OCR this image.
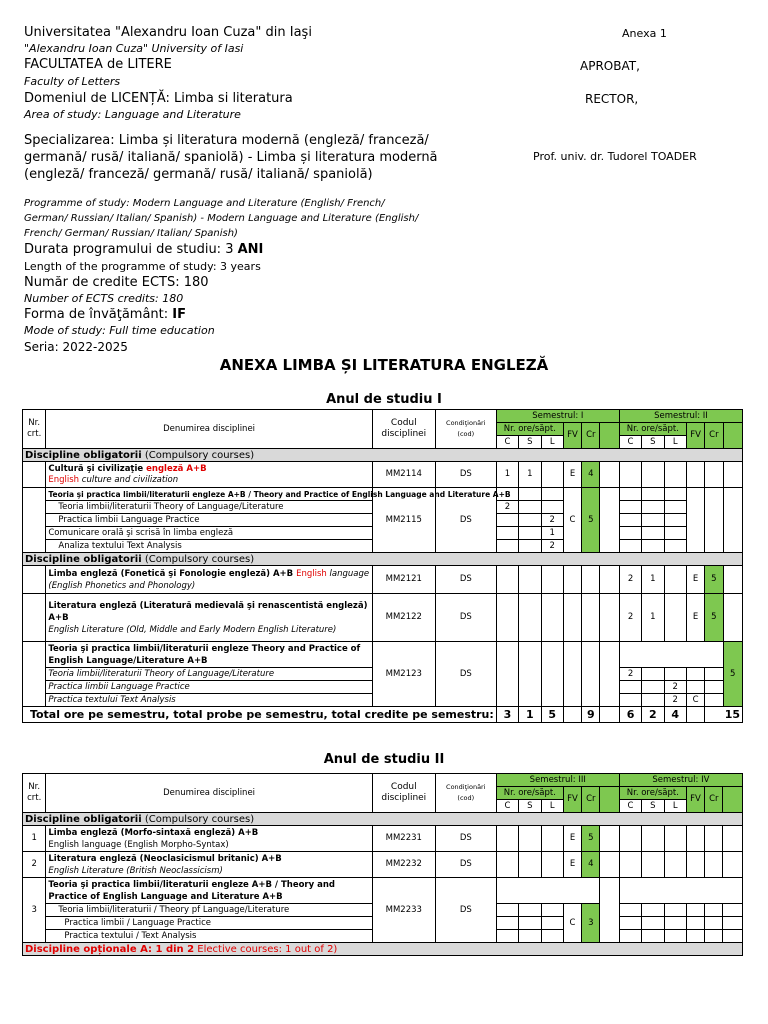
Universitatea "Alexandru Ioan Cuza" din Iaşi
"Alexandru Ioan Cuza" University of Iasi
FACULTATEA de LITERE
Faculty of Letters
Domeniul de LICENȚĂ: Limba si literatura
Area of study: Language and Literature
Specializarea: Limba și literatura modernă (engleză/ franceză/
germană/ rusă/ italiană/ spaniolă) - Limba și literatura modernă
(engleză/ franceză/ germană/ rusă/ italiană/ spaniolă)
Programme of study: Modern Language and Literature (English/ French/
German/ Russian/ Italian/ Spanish) - Modern Language and Literature (English/
French/ German/ Russian/ Italian/ Spanish)
Durata programului de studiu: 3 ANI
Length of the programme of study: 3 years
Număr de credite ECTS: 180
Number of ECTS credits: 180
Forma de învăţământ: IF
Mode of study: Full time education
Seria: 2022-2025
Anexa 1
APROBAT,
RECTOR,
Prof. univ. dr. Tudorel TOADER
ANEXA LIMBA ȘI LITERATURA ENGLEZĂ
Anul de studiu I
Nr.
crt.	Denumirea disciplinei	Codul
disciplinei	Condiţionări
(cod)	Semestrul: I						Semestrul: II					
				Nr. ore/săpt.			FV	Cr		Nr. ore/săpt.			FV	Cr	
				C	S	L				C	S	L			
Discipline obligatorii (Compulsory courses)															
	Cultură şi civilizaţie engleză A+B
English culture and civilization	MM2114	DS	1	1		E	4							
	Teoria şi practica limbii/literaturii engleze A+B / Theory and Practice of English Language and Literature A+B	MM2115	DS				C	5							
	Teoria limbii/literaturii Theory of Language/Literature			2											
	Practica limbii Language Practice					2									
	Comunicare orală şi scrisă în limba engleză					1									
	Analiza textului Text Analysis					2									
Discipline obligatorii (Compulsory courses)															
	Limba engleză (Fonetică şi Fonologie engleză) A+B English language
(English Phonetics and Phonology)	MM2121	DS							2	1		E	5	
	Literatura engleză (Literatură medievală şi renascentistă engleză) A+B
English Literature (Old, Middle and Early Modern English Literature)	MM2122	DS							2	1		E	5	
	Teoria şi practica limbii/literaturii engleze Theory and Practice of English Language/Literature A+B	MM2123	DS												5
	Teoria limbii/literaturii Theory of Language/Literature									2					
	Practica limbii Language Practice											2			
	Practica textului Text Analysis											2	C		
Total ore pe semestru, total probe pe semestru, total credite pe semestru:				3	1	5		9		6	2	4		15	
Anul de studiu II
Nr.
crt.	Denumirea disciplinei	Codul
disciplinei	Condiţionări
(cod)	Semestrul: III						Semestrul: IV					
				Nr. ore/săpt.			FV	Cr		Nr. ore/săpt.			FV	Cr	
				C	S	L				C	S	L			
Discipline obligatorii (Compulsory courses)															
1	Limba engleză (Morfo-sintaxă engleză) A+B
English language (English Morpho-Syntax)	MM2231	DS				E	5							
2	Literatura engleză (Neoclasicismul britanic) A+B
English Literature (British Neoclassicism)	MM2232	DS				E	4							
3	Teoria şi practica limbii/literaturii engleze A+B / Theory and Practice of English Language and Literature A+B	MM2233	DS												
	Teoria limbii/literaturii / Theory pf Language/Literature						C	3							
	Practica limbii / Language Practice														
	Practica textului / Text Analysis														
Discipline opționale A: 1 din 2 Elective courses: 1 out of 2)															
